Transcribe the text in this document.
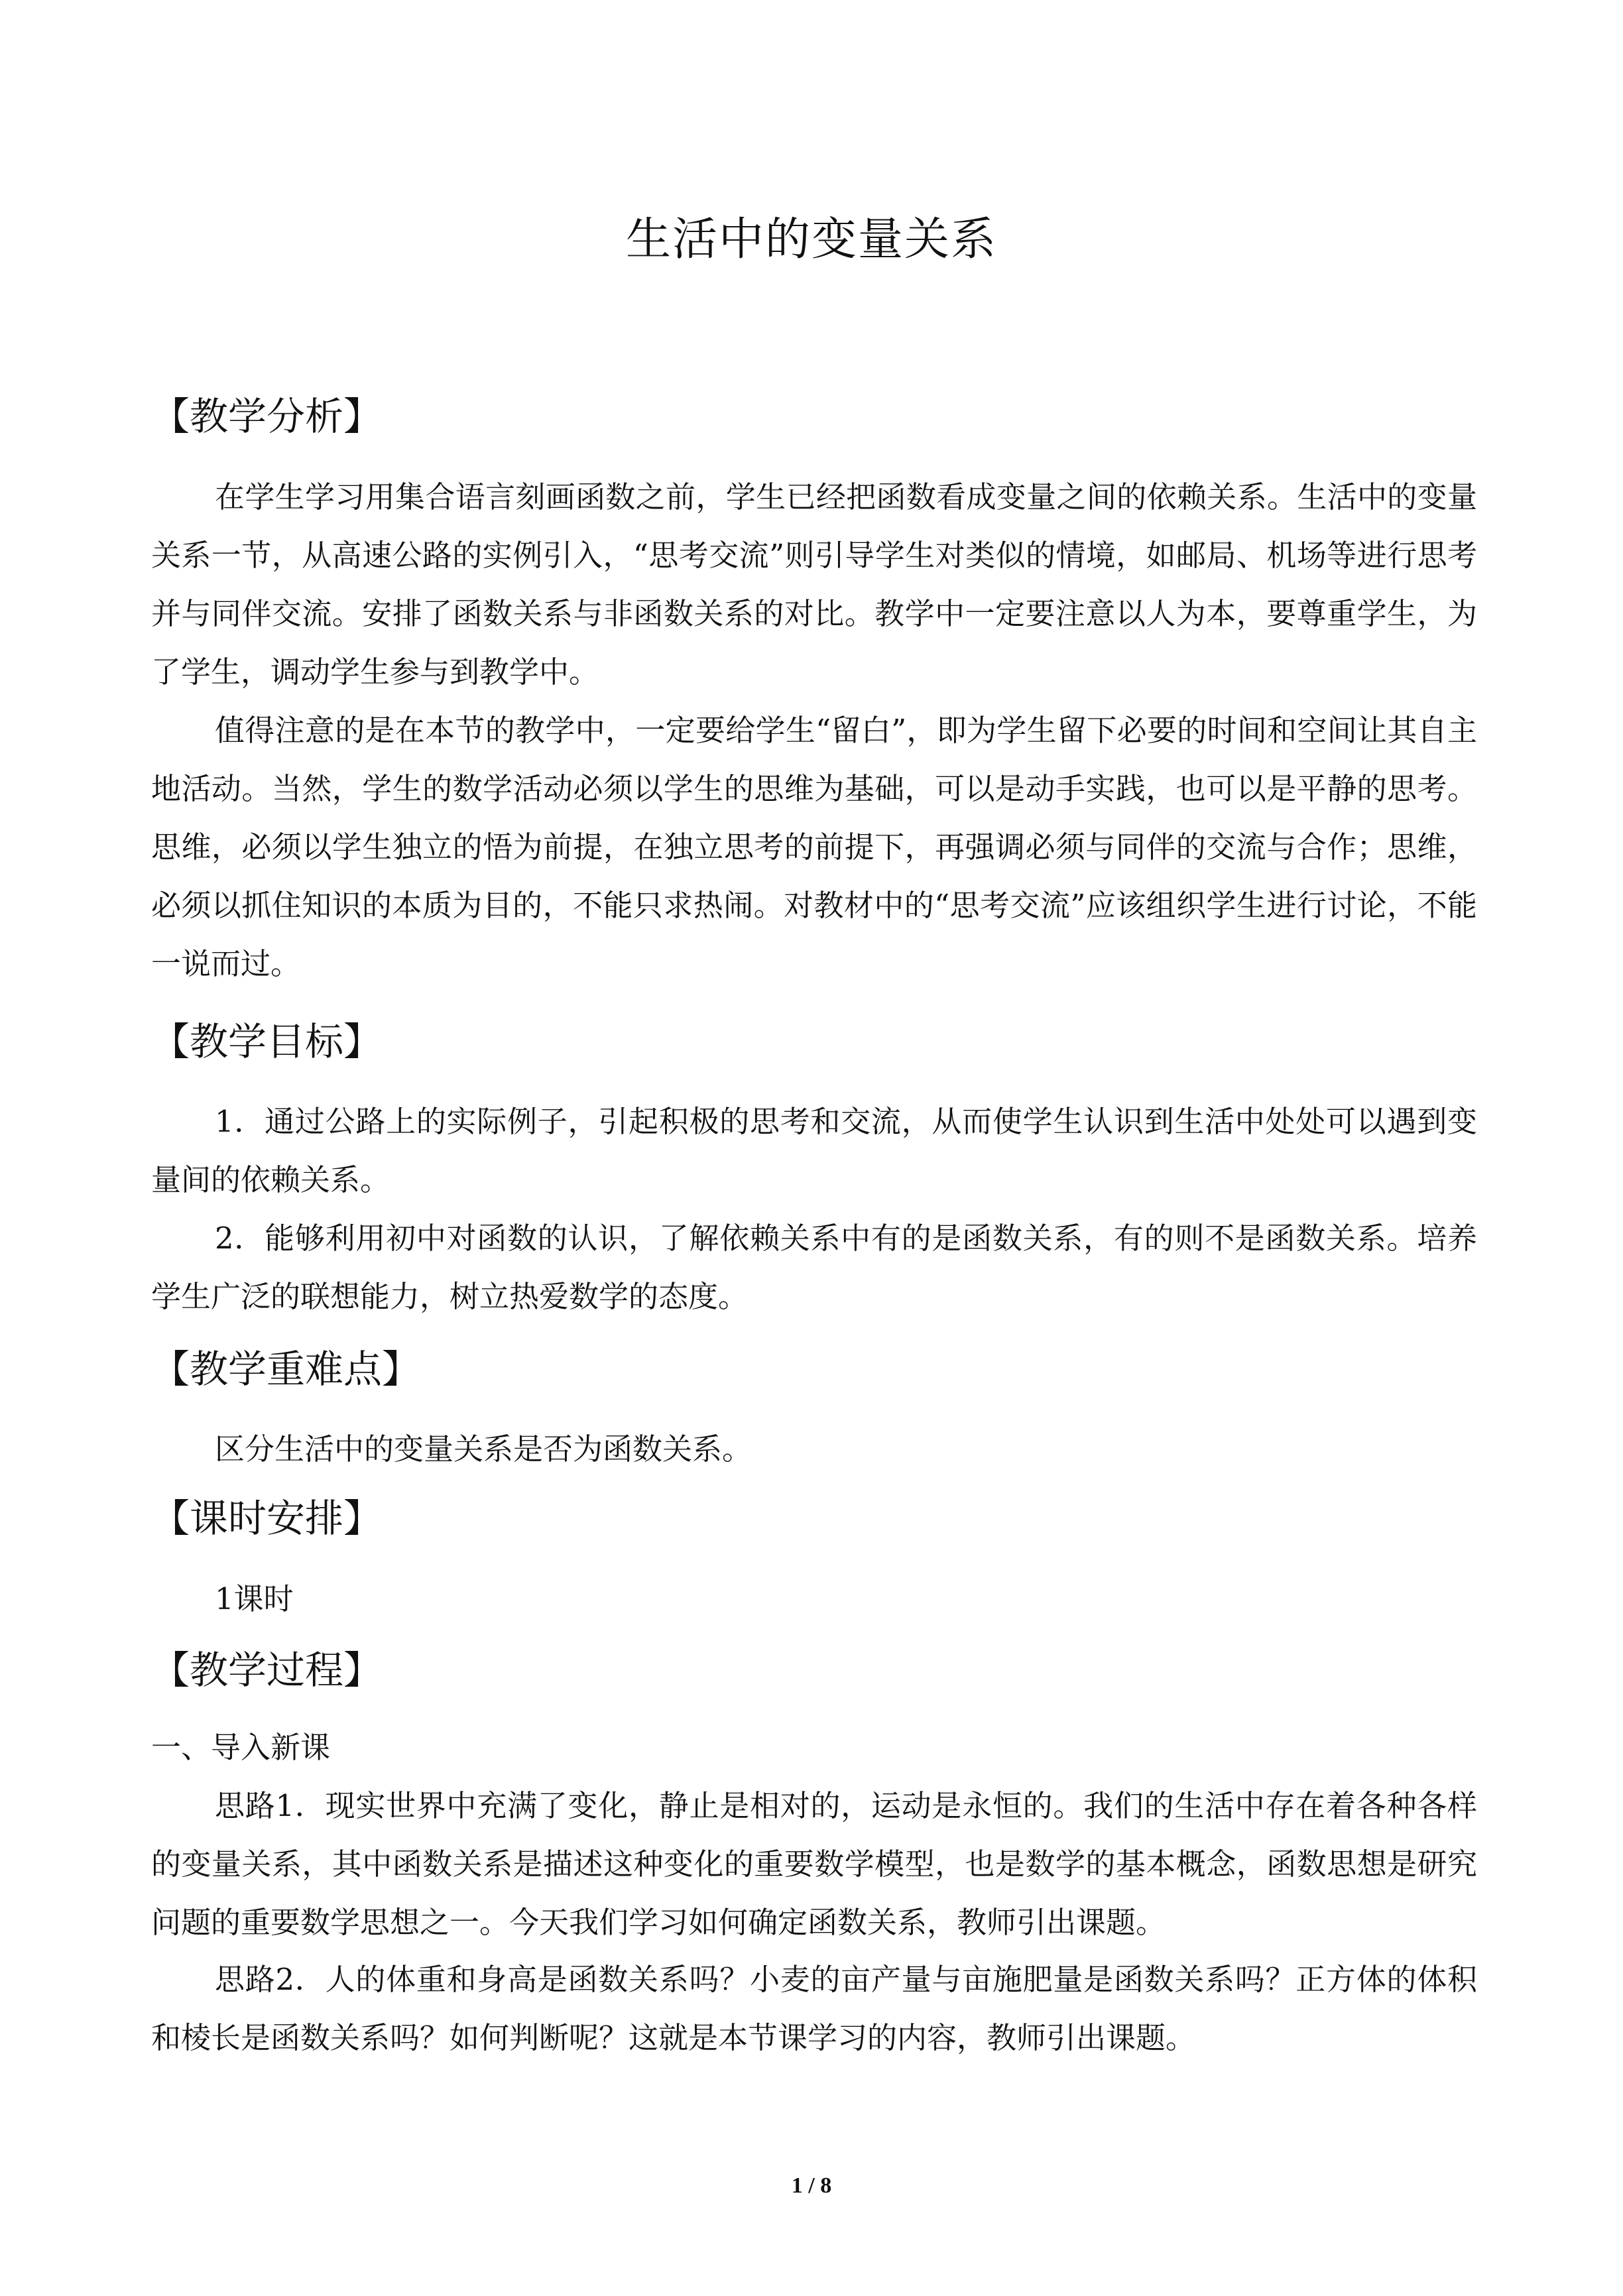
生活中的变量关系
【教学分析】

在学生学习用集合语言刻画函数之前，学生已经把函数看成变量之间的依赖关系。生活中的变量关系一节，从高速公路的实例引入，“思考交流”则引导学生对类似的情境，如邮局、机场等进行思考并与同伴交流。安排了函数关系与非函数关系的对比。教学中一定要注意以人为本，要尊重学生，为了学生，调动学生参与到教学中。

值得注意的是在本节的教学中，一定要给学生“留白”，即为学生留下必要的时间和空间让其自主地活动。当然，学生的数学活动必须以学生的思维为基础，可以是动手实践，也可以是平静的思考。思维，必须以学生独立的悟为前提，在独立思考的前提下，再强调必须与同伴的交流与合作；思维，必须以抓住知识的本质为目的，不能只求热闹。对教材中的“思考交流”应该组织学生进行讨论，不能一说而过。

【教学目标】

1．通过公路上的实际例子，引起积极的思考和交流，从而使学生认识到生活中处处可以遇到变量间的依赖关系。

2．能够利用初中对函数的认识，了解依赖关系中有的是函数关系，有的则不是函数关系。培养学生广泛的联想能力，树立热爱数学的态度。

【教学重难点】

区分生活中的变量关系是否为函数关系。

【课时安排】

1课时

【教学过程】

一、导入新课

思路1．现实世界中充满了变化，静止是相对的，运动是永恒的。我们的生活中存在着各种各样的变量关系，其中函数关系是描述这种变化的重要数学模型，也是数学的基本概念，函数思想是研究问题的重要数学思想之一。今天我们学习如何确定函数关系，教师引出课题。

思路2．人的体重和身高是函数关系吗？小麦的亩产量与亩施肥量是函数关系吗？正方体的体积和棱长是函数关系吗？如何判断呢？这就是本节课学习的内容，教师引出课题。

1 / 8
